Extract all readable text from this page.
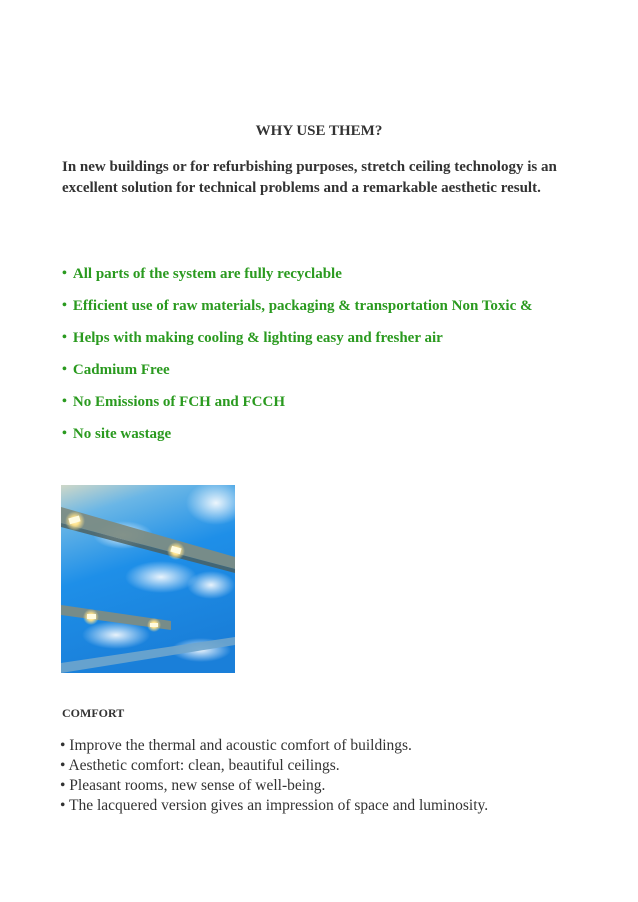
WHY USE THEM?
In new buildings or for refurbishing purposes, stretch ceiling technology is an excellent solution for technical problems and a remarkable aesthetic result.
• All parts of the system are fully recyclable
• Efficient use of raw materials, packaging & transportation Non Toxic &
• Helps with making cooling & lighting easy and fresher air
• Cadmium Free
• No Emissions of FCH and FCCH
• No site wastage
COMFORT
• Improve the thermal and acoustic comfort of buildings.
• Aesthetic comfort: clean, beautiful ceilings.
• Pleasant rooms, new sense of well-being.
• The lacquered version gives an impression of space and luminosity.
